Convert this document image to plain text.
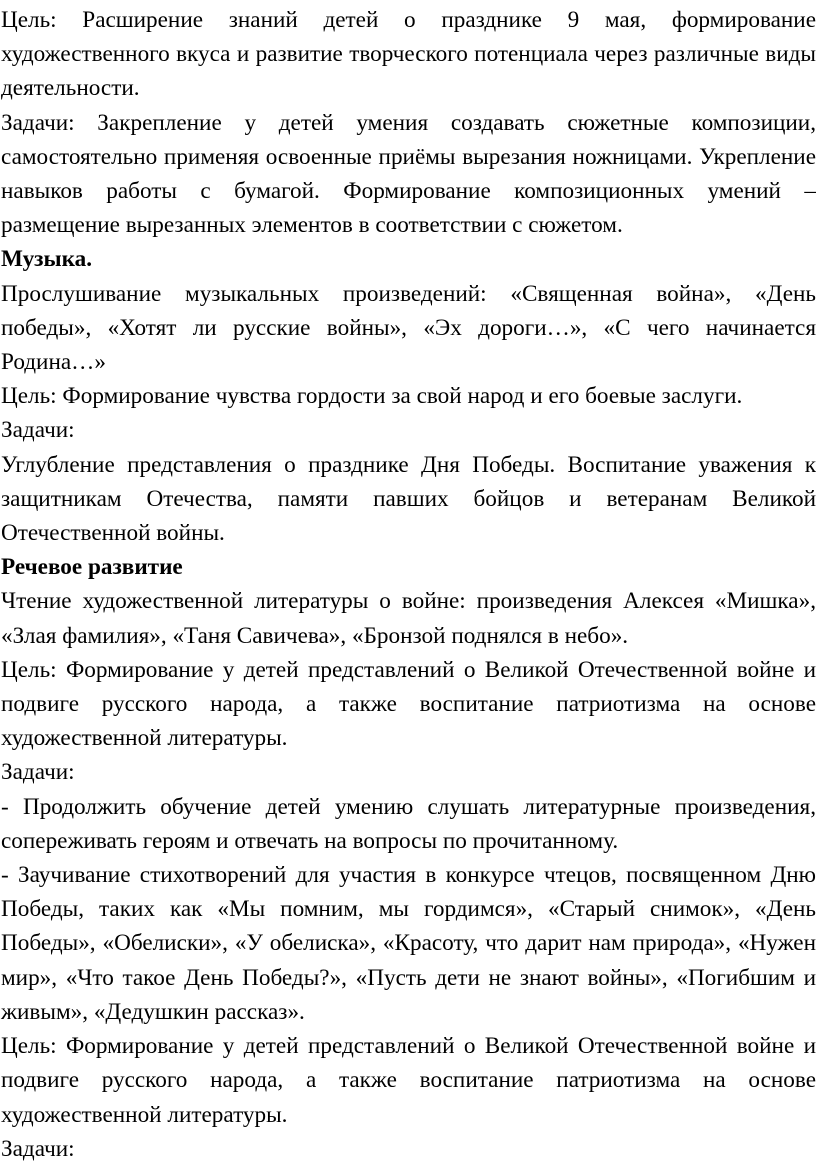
Цель: Расширение знаний детей о празднике 9 мая, формирование художественного вкуса и развитие творческого потенциала через различные виды деятельности.

Задачи: Закрепление у детей умения создавать сюжетные композиции, самостоятельно применяя освоенные приёмы вырезания ножницами. Укрепление навыков работы с бумагой. Формирование композиционных умений – размещение вырезанных элементов в соответствии с сюжетом.

Музыка.

Прослушивание музыкальных произведений: «Священная война», «День победы», «Хотят ли русские войны», «Эх дороги…», «С чего начинается Родина…»

Цель: Формирование чувства гордости за свой народ и его боевые заслуги.

Задачи:

Углубление представления о празднике Дня Победы. Воспитание уважения к защитникам Отечества, памяти павших бойцов и ветеранам Великой Отечественной войны.

Речевое развитие

Чтение художественной литературы о войне: произведения Алексея «Мишка», «Злая фамилия», «Таня Савичева», «Бронзой поднялся в небо».

Цель: Формирование у детей представлений о Великой Отечественной войне и подвиге русского народа, а также воспитание патриотизма на основе художественной литературы.

Задачи:

- Продолжить обучение детей умению слушать литературные произведения, сопереживать героям и отвечать на вопросы по прочитанному.

- Заучивание стихотворений для участия в конкурсе чтецов, посвященном Дню Победы, таких как «Мы помним, мы гордимся», «Старый снимок», «День Победы», «Обелиски», «У обелиска», «Красоту, что дарит нам природа», «Нужен мир», «Что такое День Победы?», «Пусть дети не знают войны», «Погибшим и живым», «Дедушкин рассказ».

Цель: Формирование у детей представлений о Великой Отечественной войне и подвиге русского народа, а также воспитание патриотизма на основе художественной литературы.

Задачи:
